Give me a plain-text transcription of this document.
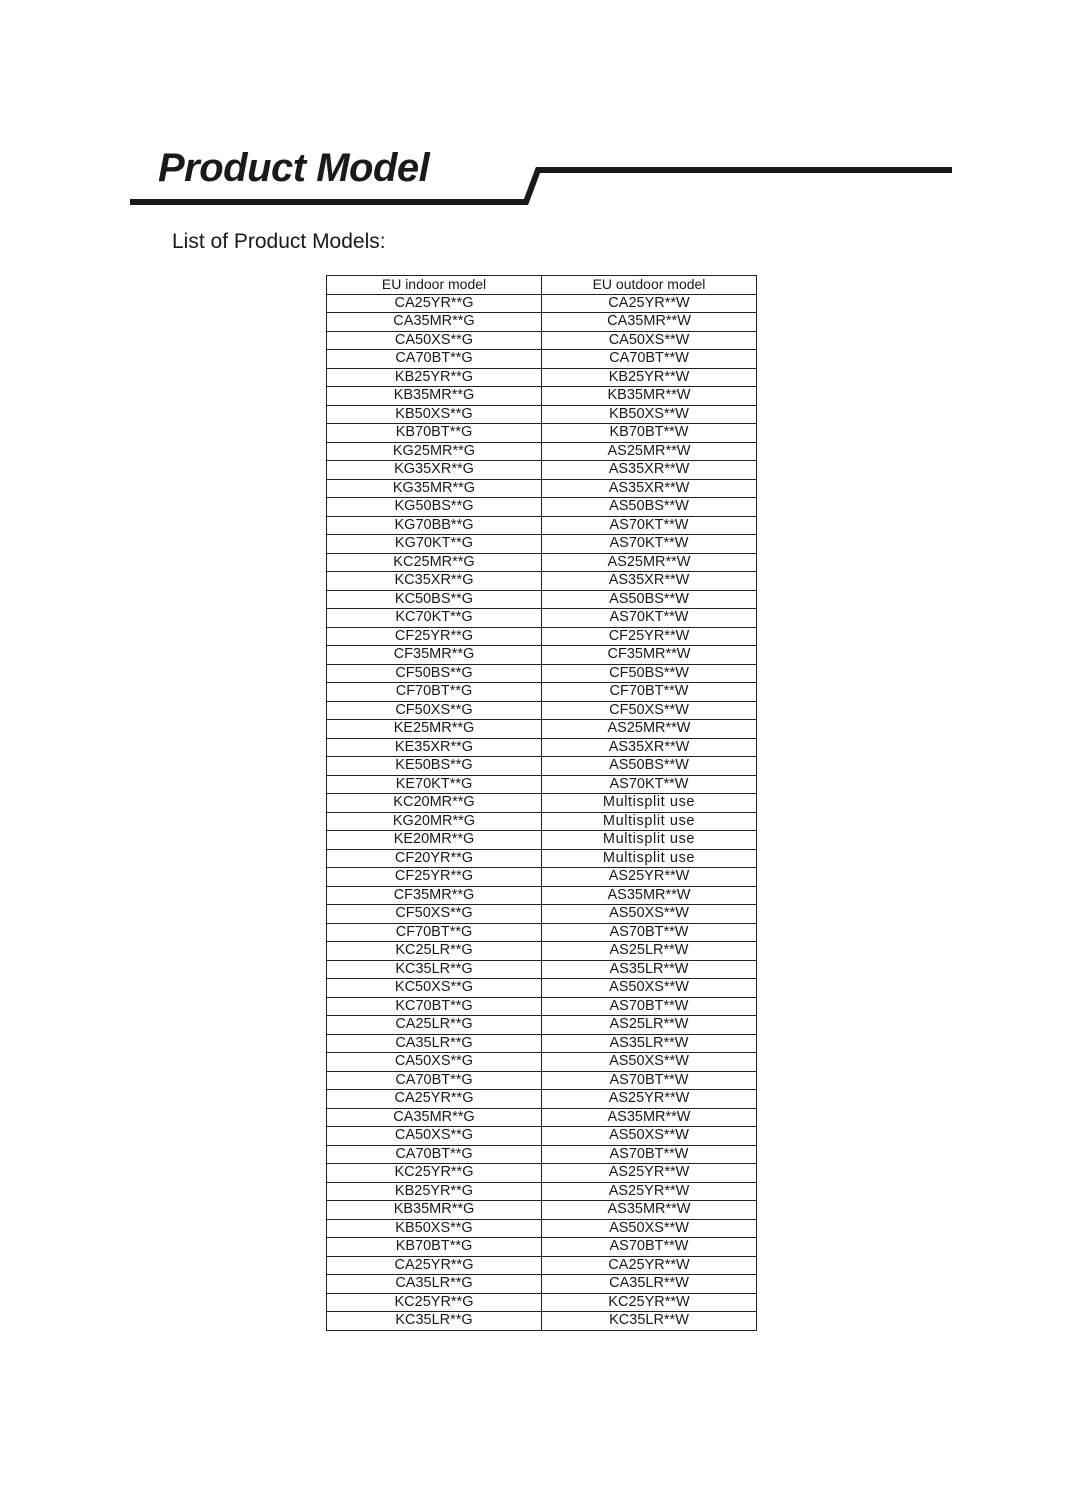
Product Model
List of Product Models:
EU indoor model	EU outdoor model
CA25YR**G	CA25YR**W
CA35MR**G	CA35MR**W
CA50XS**G	CA50XS**W
CA70BT**G	CA70BT**W
KB25YR**G	KB25YR**W
KB35MR**G	KB35MR**W
KB50XS**G	KB50XS**W
KB70BT**G	KB70BT**W
KG25MR**G	AS25MR**W
KG35XR**G	AS35XR**W
KG35MR**G	AS35XR**W
KG50BS**G	AS50BS**W
KG70BB**G	AS70KT**W
KG70KT**G	AS70KT**W
KC25MR**G	AS25MR**W
KC35XR**G	AS35XR**W
KC50BS**G	AS50BS**W
KC70KT**G	AS70KT**W
CF25YR**G	CF25YR**W
CF35MR**G	CF35MR**W
CF50BS**G	CF50BS**W
CF70BT**G	CF70BT**W
CF50XS**G	CF50XS**W
KE25MR**G	AS25MR**W
KE35XR**G	AS35XR**W
KE50BS**G	AS50BS**W
KE70KT**G	AS70KT**W
KC20MR**G	Multisplit use
KG20MR**G	Multisplit use
KE20MR**G	Multisplit use
CF20YR**G	Multisplit use
CF25YR**G	AS25YR**W
CF35MR**G	AS35MR**W
CF50XS**G	AS50XS**W
CF70BT**G	AS70BT**W
KC25LR**G	AS25LR**W
KC35LR**G	AS35LR**W
KC50XS**G	AS50XS**W
KC70BT**G	AS70BT**W
CA25LR**G	AS25LR**W
CA35LR**G	AS35LR**W
CA50XS**G	AS50XS**W
CA70BT**G	AS70BT**W
CA25YR**G	AS25YR**W
CA35MR**G	AS35MR**W
CA50XS**G	AS50XS**W
CA70BT**G	AS70BT**W
KC25YR**G	AS25YR**W
KB25YR**G	AS25YR**W
KB35MR**G	AS35MR**W
KB50XS**G	AS50XS**W
KB70BT**G	AS70BT**W
CA25YR**G	CA25YR**W
CA35LR**G	CA35LR**W
KC25YR**G	KC25YR**W
KC35LR**G	KC35LR**W
